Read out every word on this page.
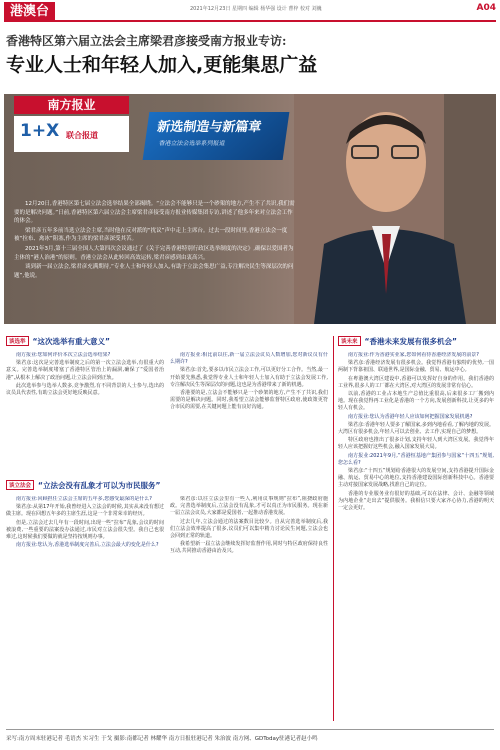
港澳台	2021年12月23日 星期四 编辑 杨华强 设计 曹梓 校对 刘巍	A04
香港特区第六届立法会主席梁君彦接受南方报业专访:
专业人士和年轻人加入,更能集思广益
南方报业
1+X 联合报道
新选制造与新篇章
香港立法会选举系列报道

12月20日,香港特区第七届立法会选举结果全部揭晓。“立法会不能够只是一个砂架的地方,产生不了共识,我们需要的是解决问题。”日前,香港特区第六届立法会主席梁君彦接受南方报业传媒集团专访,讲述了他多年来对立法会工作的体会。

梁君彦五年多前当选立法会主席,当时他在反对派的“扰议”声中走上主席台。过去一段时间里,香港立法会一度被“拉布、禽冰”阻塞,作为主席的梁君彦深受其苦。

2021年3月,第十三届全国人大第四次会议通过了《关于完善香港特别行政区选举制度的决定》,确保以爱国者为主体的“港人治港”的原则。香港立法会从此转回高效运转,梁君彦感到由衷高兴。

谈到新一届立法会,梁君彦充满期待,“专业人士和年轻人加入,有助于立法会集思广益,专注解决民生等深层次的问题”,他说。

谈选举 “这次选举有重大意义”

南方报业:您如何评价本次立法会选举结果?

梁君彦:这次是完善选举制度之后的第一次立法会选举,有很重大的意义。完善选举制度堵塞了香港特区管治上的漏洞,确保了“爱国者治港”,从根本上解决了政治问题,让立法会回到正轨。

此次选举参与选举人数多,竞争激烈,有不同背景的人士参与,选出的议员具代表性,有助立法会更好地反映民意。

南方报业:相比前以往,新一届立法会议员人数增加,您对新议员有什么期许?

梁君彦:首先,要多以市民立法会工作,可以更好分工合作。当然,最一开始要先熟悉,我觉得专业人士和年轻人士加入有助于立法会发展工作,专注解决民生等深层次的问题,这也是为香港带来了新的机遇。

香港要的是,立法会不能够只是一个砂架的地方,产生不了共识,我们需要的是解决问题。同时,我希望立法会能够监督特区政府,使政策更符合市民的需要,在关键问题上能有良好沟通。

谈立法会 “立法会没有乱象才可以为市民服务”

南方报业:回顾担任立法会主席的五年多,您感受最深的是什么?

梁君彦:从第17年开始,我曾经进入立法会的时候,其实从来没有想过做主席。现在回想五年多的主席生涯,这是一个非常荣幸的经历。

但是,立法会过去几年有一段时间,出现一些“拉布”乱象,会议的时间被浪费,一些重要的法案没办法通过,市民对立法会很失望。我自己也很难过,这时候我们要做的就是坚持按规则办事。

南方报业:您认为,香港选举制度完善后,立法会最大的变化是什么?

梁君彦:以往立法会里有一些人,利用议事规则“拉布”,阻挠政府施政。完善选举制度后,立法会没有乱象,才可以真正为市民服务。现在新一届立法会议员,大家都是爱国者,一起推动香港发展。

过去几年,立法会通过的法案数目比较少。自从完善选举制度后,我们立法会效率提高了很多,议员们可以集中精力讨论民生问题,立法会也会回到正常的轨道。

我希望新一届立法会继续发挥好监督作用,同时与特区政府保持良性互动,共同推动香港由治及兴。

谈未来 “香港未来发展有很多机会”

南方报业:作为香港实业家,您如何看待香港经济发展的前景?

梁君彦:香港经济发展有很多机会。我觉得香港有独特的优势,一国两制下背靠祖国、联通世界,是国际金融、贸易、航运中心。

在粤港澳大湾区建设中,香港可以发挥好自身的作用。我们香港的工业界,很多人的工厂都在大湾区,对大湾区的发展非常有信心。

以前,香港的工业占本地生产总值比重很高,后来很多工厂搬到内地。现在我觉得再工业化是香港的一个方向,发展创新科技,让更多的年轻人有机会。

南方报业:您认为香港年轻人应该如何把握国家发展机遇?

梁君彦:香港年轻人要多了解国家,多到内地看看,了解内地的发展。大湾区有很多机会,年轻人可以去创业、去工作,实现自己的梦想。

特区政府也推出了很多计划,支持年轻人到大湾区发展。我觉得年轻人应该把握好这些机会,融入国家发展大局。

南方报业:2021年9月,“香港恒基地产集团参与国家“十四五”规划,您怎么看?

梁君彦:“十四五”规划给香港很大的发展空间,支持香港提升国际金融、航运、贸易中心的地位,支持香港建设国际创新科技中心。香港要主动对接国家发展战略,找准自己的定位。

香港的专业服务业有很好的基础,可以在法律、会计、金融等领域为内地企业“走出去”提供服务。我相信只要大家齐心协力,香港的明天一定会更好。

采写:南方周末驻港记者 毛语杰 实习生 于戈 摄影:南都记者 林耀华 南方日报驻港记者 朱治波 南方网、GDToday驻港记者赵小鸣
